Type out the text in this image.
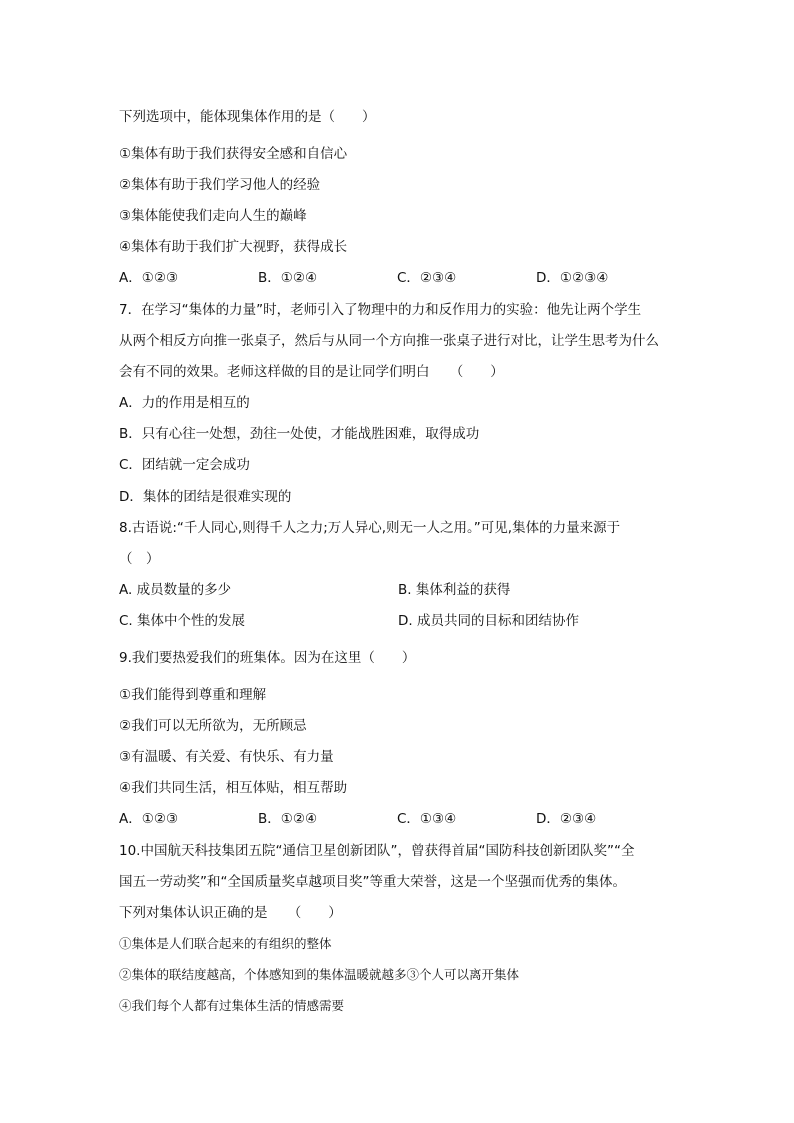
下列选项中，能体现集体作用的是（　　）
①集体有助于我们获得安全感和自信心
②集体有助于我们学习他人的经验
③集体能使我们走向人生的巅峰
④集体有助于我们扩大视野，获得成长
A．①②③	B．①②④	C．②③④	D．①②③④
7．在学习“集体的力量”时，老师引入了物理中的力和反作用力的实验：他先让两个学生
从两个相反方向推一张桌子，然后与从同一个方向推一张桌子进行对比，让学生思考为什么
会有不同的效果。老师这样做的目的是让同学们明白　　（　　）
A．力的作用是相互的
B．只有心往一处想，劲往一处使，才能战胜困难，取得成功
C．团结就一定会成功
D．集体的团结是很难实现的
8.古语说:“千人同心,则得千人之力;万人异心,则无一人之用。”可见,集体的力量来源于
（　）
A. 成员数量的多少	B. 集体利益的获得
C. 集体中个性的发展	D. 成员共同的目标和团结协作
9.我们要热爱我们的班集体。因为在这里（　　）
①我们能得到尊重和理解
②我们可以无所欲为，无所顾忌
③有温暖、有关爱、有快乐、有力量
④我们共同生活，相互体贴，相互帮助
A．①②③	B．①②④	C．①③④	D．②③④
10.中国航天科技集团五院“通信卫星创新团队”，曾获得首届“国防科技创新团队奖”“全
国五一劳动奖”和“全国质量奖卓越项目奖”等重大荣誉，这是一个坚强而优秀的集体。
下列对集体认识正确的是　　（　　）
①集体是人们联合起来的有组织的整体
②集体的联结度越高，个体感知到的集体温暖就越多③个人可以离开集体
④我们每个人都有过集体生活的情感需要
